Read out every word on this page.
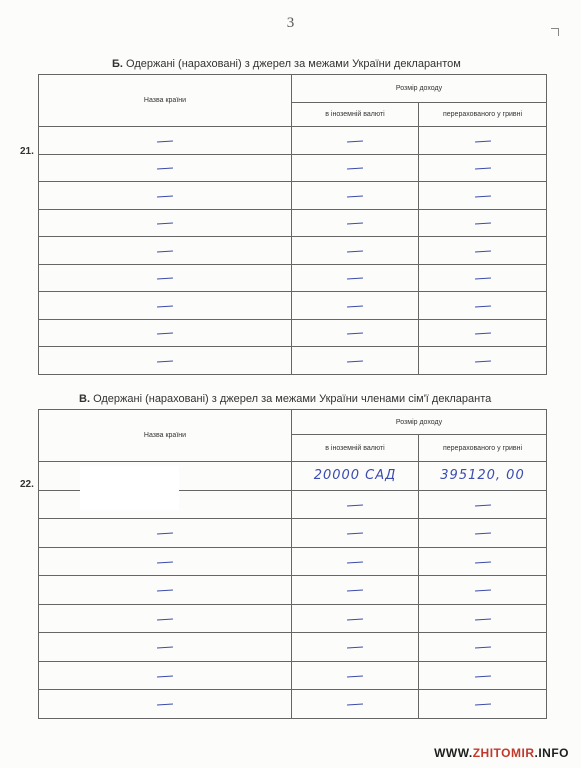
3
Б. Одержані (нараховані) з джерел за межами України декларантом
21.
Назва країни	Розмір доходу	
	в іноземній валюті	перерахованого у гривні

В. Одержані (нараховані) з джерел за межами України членами сім'ї декларанта
22.
Назва країни	Розмір доходу	
	в іноземній валюті	перерахованого у гривні
	20000 CAД	395120, 00

WWW.ZHITOMIR.INFO
